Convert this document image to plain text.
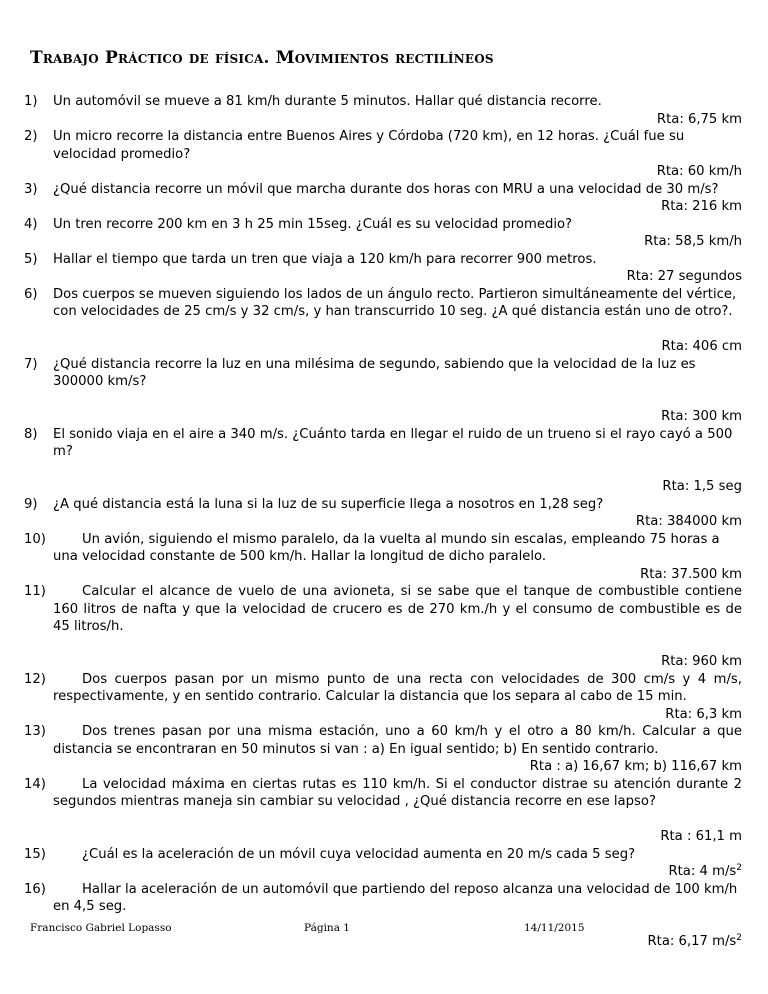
Trabajo Práctico de física. Movimientos rectilíneos
1) Un automóvil se mueve a 81 km/h durante 5 minutos. Hallar qué distancia recorre.
Rta: 6,75 km
2) Un micro recorre la distancia entre Buenos Aires y Córdoba (720 km), en 12 horas. ¿Cuál fue su velocidad promedio?
Rta: 60 km/h
3) ¿Qué distancia recorre un móvil que marcha durante dos horas con MRU a una velocidad de 30 m/s?
Rta: 216 km
4) Un tren recorre 200 km en 3 h 25 min 15seg. ¿Cuál es su velocidad promedio?
Rta: 58,5 km/h
5) Hallar el tiempo que tarda un tren que viaja a 120 km/h para recorrer 900 metros.
Rta: 27 segundos
6) Dos cuerpos se mueven siguiendo los lados de un ángulo recto. Partieron simultáneamente del vértice, con velocidades de 25 cm/s y 32 cm/s, y han transcurrido 10 seg. ¿A qué distancia están uno de otro?.
Rta: 406 cm
7) ¿Qué distancia recorre la luz en una milésima de segundo, sabiendo que la velocidad de la luz es 300000 km/s?
Rta: 300 km
8) El sonido viaja en el aire a 340 m/s. ¿Cuánto tarda en llegar el ruido de un trueno si el rayo cayó a 500 m?
Rta: 1,5 seg
9) ¿A qué distancia está la luna si la luz de su superficie llega a nosotros en 1,28 seg?
Rta: 384000 km
10)	Un avión, siguiendo el mismo paralelo, da la vuelta al mundo sin escalas, empleando 75 horas a una velocidad constante de 500 km/h. Hallar la longitud de dicho paralelo.
Rta: 37.500 km
11)	Calcular el alcance de vuelo de una avioneta, si se sabe que el tanque de combustible contiene 160 litros de nafta y que la velocidad de crucero es de 270 km./h y el consumo de combustible es de 45 litros/h.
Rta: 960 km
12)	Dos cuerpos pasan por un mismo punto de una recta con velocidades de 300 cm/s y 4 m/s, respectivamente, y en sentido contrario. Calcular la distancia que los separa al cabo de 15 min.
Rta: 6,3 km
13)	Dos trenes pasan por una misma estación, uno a 60 km/h y el otro a 80 km/h. Calcular a que distancia se encontraran en 50 minutos si van : a) En igual sentido; b) En sentido contrario.
Rta : a) 16,67 km; b) 116,67 km
14)	La velocidad máxima en ciertas rutas es 110 km/h. Si el conductor distrae su atención durante 2 segundos mientras maneja sin cambiar su velocidad , ¿Qué distancia recorre en ese lapso?
Rta : 61,1 m
15)	¿Cuál es la aceleración de un móvil cuya velocidad aumenta en 20 m/s cada 5 seg?
Rta: 4 $m/s^2$
16)	Hallar la aceleración de un automóvil que partiendo del reposo alcanza una velocidad de 100 km/h en 4,5 seg.
Rta: 6,17 $m/s^2$
Francisco Gabriel Lopasso	Página 1	14/11/2015
